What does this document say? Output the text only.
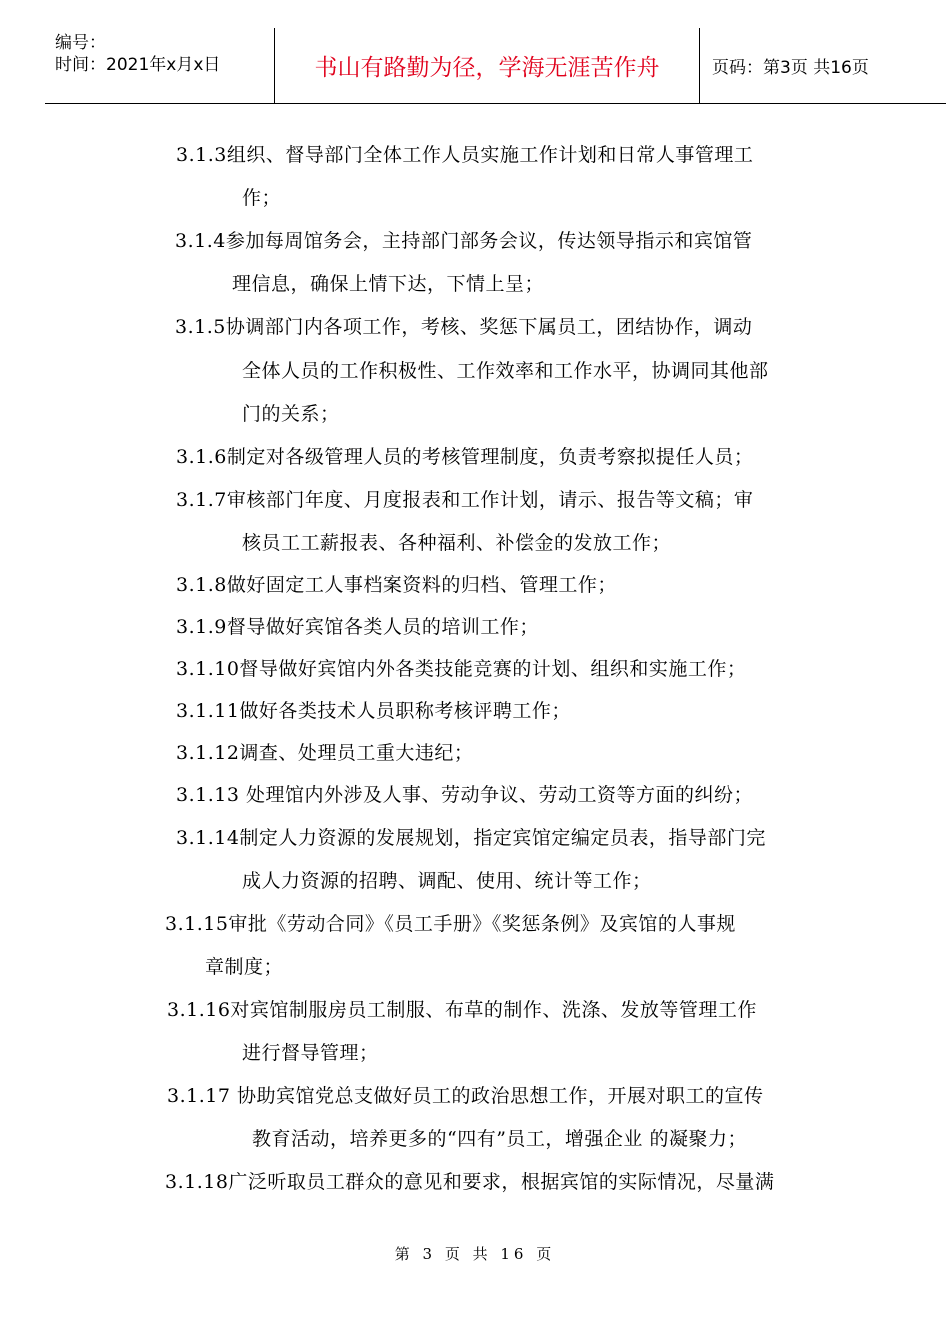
编号：
时间：2021年x月x日	书山有路勤为径，学海无涯苦作舟	页码：第3页 共16页
3.1.3组织、督导部门全体工作人员实施工作计划和日常人事管理工
作；
3.1.4参加每周馆务会，主持部门部务会议，传达领导指示和宾馆管
理信息，确保上情下达，下情上呈；
3.1.5协调部门内各项工作，考核、奖惩下属员工，团结协作，调动
全体人员的工作积极性、工作效率和工作水平，协调同其他部
门的关系；
3.1.6制定对各级管理人员的考核管理制度，负责考察拟提任人员；
3.1.7审核部门年度、月度报表和工作计划，请示、报告等文稿；审
核员工工薪报表、各种福利、补偿金的发放工作；
3.1.8做好固定工人事档案资料的归档、管理工作；
3.1.9督导做好宾馆各类人员的培训工作；
3.1.10督导做好宾馆内外各类技能竞赛的计划、组织和实施工作；
3.1.11做好各类技术人员职称考核评聘工作；
3.1.12调查、处理员工重大违纪；
3.1.13 处理馆内外涉及人事、劳动争议、劳动工资等方面的纠纷；
3.1.14制定人力资源的发展规划，指定宾馆定编定员表，指导部门完
成人力资源的招聘、调配、使用、统计等工作；
3.1.15审批《劳动合同》《员工手册》《奖惩条例》及宾馆的人事规
章制度；
3.1.16对宾馆制服房员工制服、布草的制作、洗涤、发放等管理工作
进行督导管理；
3.1.17 协助宾馆党总支做好员工的政治思想工作，开展对职工的宣传
教育活动，培养更多的“四有”员工，增强企业 的凝聚力；
3.1.18广泛听取员工群众的意见和要求，根据宾馆的实际情况，尽量满
第 3 页 共 16 页
